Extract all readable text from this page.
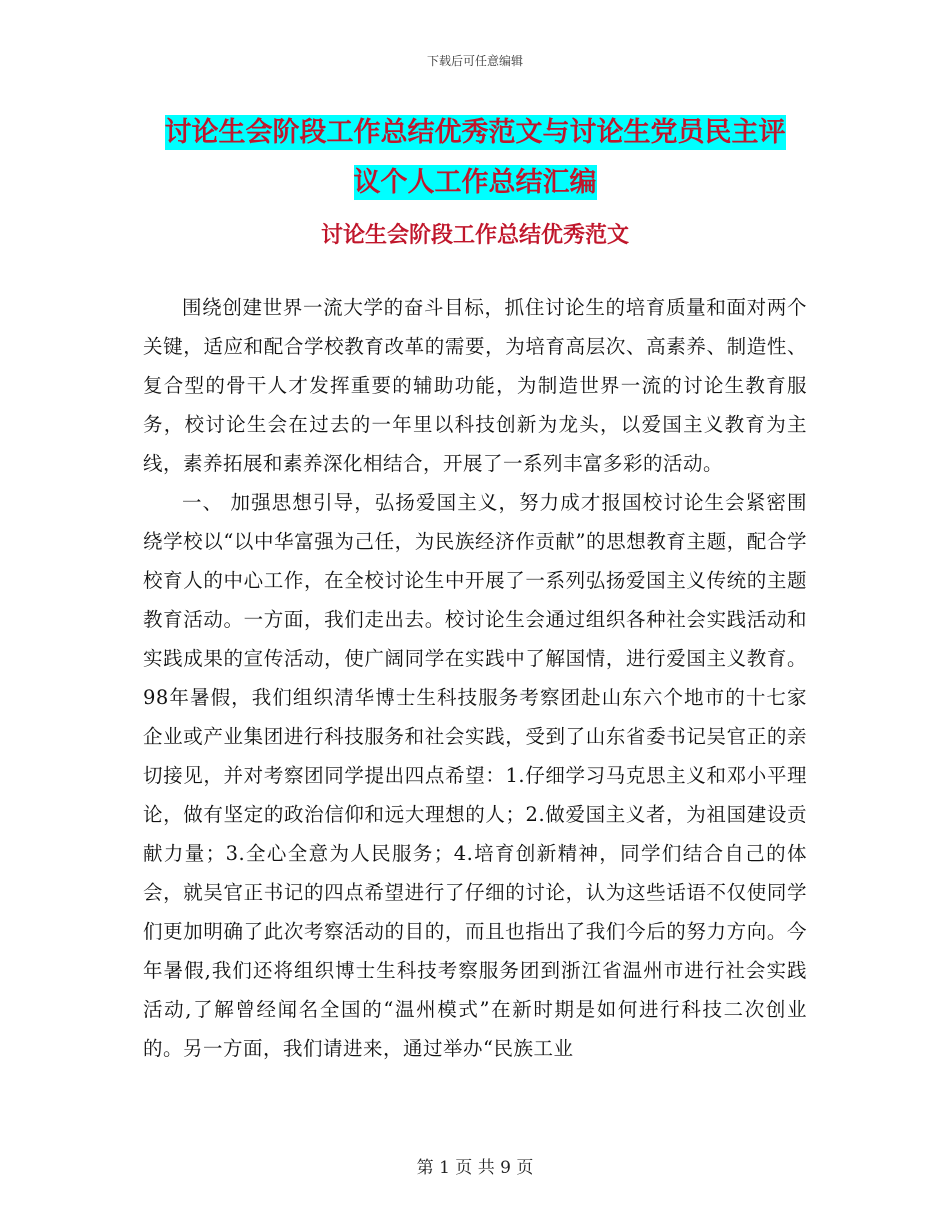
下载后可任意编辑
讨论生会阶段工作总结优秀范文与讨论生党员民主评
议个人工作总结汇编
讨论生会阶段工作总结优秀范文

围绕创建世界一流大学的奋斗目标，抓住讨论生的培育质量和面对两个关键，适应和配合学校教育改革的需要，为培育高层次、高素养、制造性、复合型的骨干人才发挥重要的辅助功能，为制造世界一流的讨论生教育服务，校讨论生会在过去的一年里以科技创新为龙头，以爱国主义教育为主线，素养拓展和素养深化相结合，开展了一系列丰富多彩的活动。

一、 加强思想引导，弘扬爱国主义，努力成才报国校讨论生会紧密围绕学校以“以中华富强为己任，为民族经济作贡献”的思想教育主题，配合学校育人的中心工作，在全校讨论生中开展了一系列弘扬爱国主义传统的主题教育活动。一方面，我们走出去。校讨论生会通过组织各种社会实践活动和实践成果的宣传活动，使广阔同学在实践中了解国情，进行爱国主义教育。98年暑假，我们组织清华博士生科技服务考察团赴山东六个地市的十七家企业或产业集团进行科技服务和社会实践，受到了山东省委书记吴官正的亲切接见，并对考察团同学提出四点希望：1.仔细学习马克思主义和邓小平理论，做有坚定的政治信仰和远大理想的人；2.做爱国主义者，为祖国建设贡献力量；3.全心全意为人民服务；4.培育创新精神，同学们结合自己的体会，就吴官正书记的四点希望进行了仔细的讨论，认为这些话语不仅使同学们更加明确了此次考察活动的目的，而且也指出了我们今后的努力方向。今年暑假,我们还将组织博士生科技考察服务团到浙江省温州市进行社会实践活动,了解曾经闻名全国的“温州模式”在新时期是如何进行科技二次创业的。另一方面，我们请进来，通过举办“民族工业

第 1 页 共 9 页
